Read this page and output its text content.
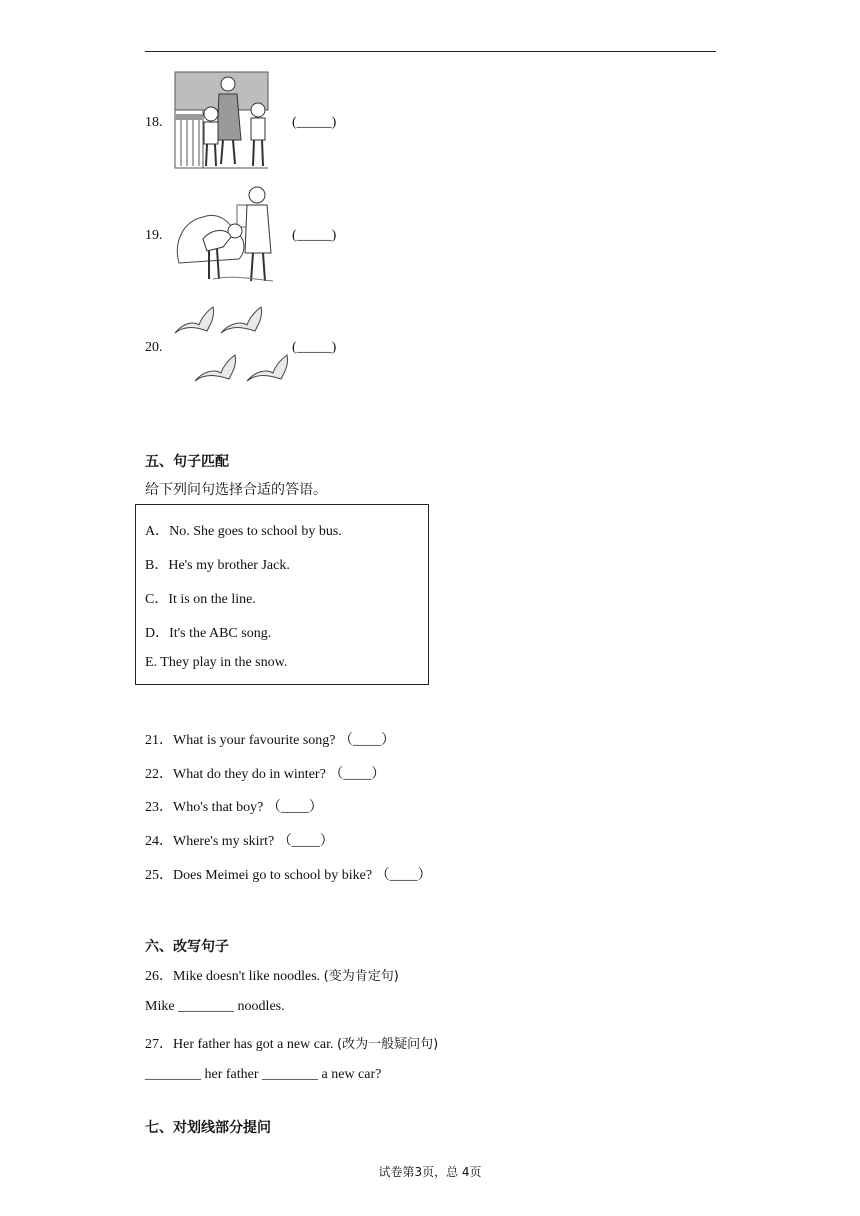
18.	(_____)
19.	(_____)
20.	(_____)
五、句子匹配
给下列问句选择合适的答语。
A．No. She goes to school by bus.
B．He's my brother Jack.
C．It is on the line.
D．It's the ABC song.
E. They play in the snow.
21．What is your favourite song? （____）
22．What do they do in winter? （____）
23．Who's that boy? （____）
24．Where's my skirt? （____）
25．Does Meimei go to school by bike? （____）
六、改写句子
26．Mike doesn't like noodles. (变为肯定句)
Mike ________ noodles.
27．Her father has got a new car. (改为一般疑问句)
________ her father ________ a new car?
七、对划线部分提问
试卷第3页，总 4页
